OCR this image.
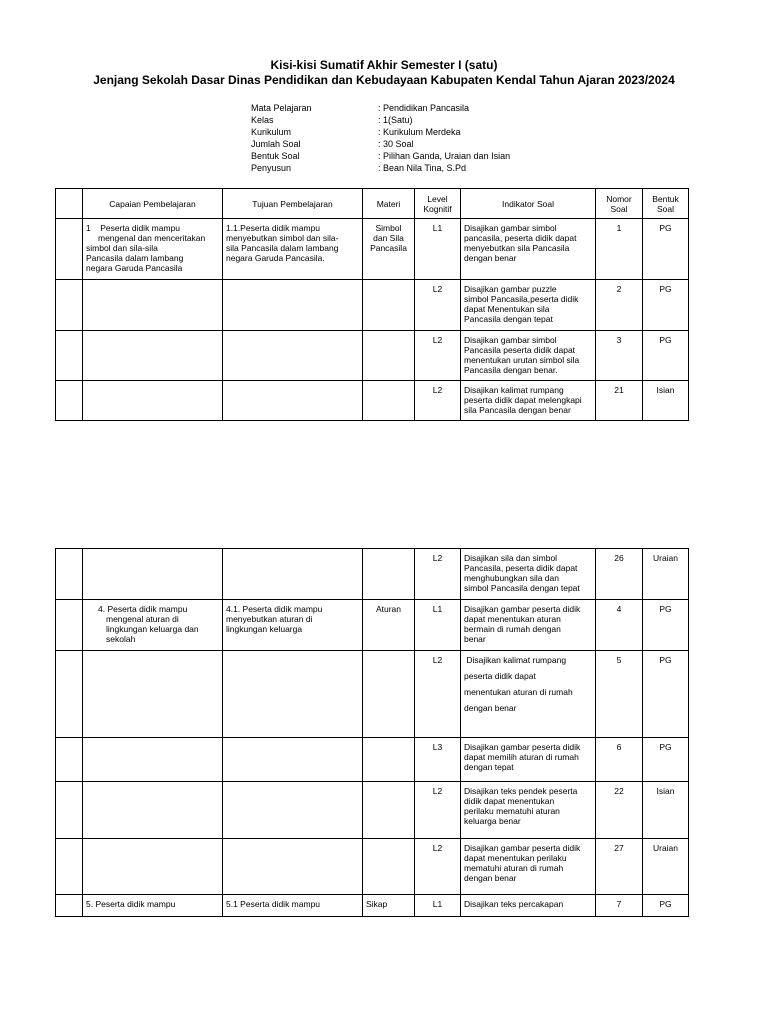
Kisi-kisi Sumatif Akhir Semester I (satu)
Jenjang Sekolah Dasar Dinas Pendidikan dan Kebudayaan Kabupaten Kendal Tahun Ajaran 2023/2024
Mata Pelajaran	: Pendidikan Pancasila
Kelas	: 1(Satu)
Kurikulum	: Kurikulum Merdeka
Jumlah Soal	: 30 Soal
Bentuk Soal	: Pilihan Ganda, Uraian dan Isian
Penyusun	: Bean Nila Tina, S.Pd
	Capaian Pembelajaran	Tujuan Pembelajaran	Materi	Level
Kognitif	Indikator Soal	Nomor
Soal	Bentuk
Soal
	1 Peserta didik mampu
mengenal dan menceritakan
simbol dan sila-sila
Pancasila dalam lambang
negara Garuda Pancasila	1.1.Peserta didik mampu
menyebutkan simbol dan sila-
sila Pancasila dalam lambang
negara Garuda Pancasila.	Simbol
dan Sila
Pancasila	L1	Disajikan gambar simbol
pancasila, peserta didik dapat
menyebutkan sila Pancasila
dengan benar	1	PG
				L2	Disajikan gambar puzzle
simbol Pancasila,peserta didik
dapat Menentukan sila
Pancasila dengan tepat	2	PG
				L2	Disajikan gambar simbol
Pancasila peserta didik dapat
menentukan urutan simbol sila
Pancasila dengan benar.	3	PG
				L2	Disajikan kalimat rumpang
peserta didik dapat melengkapi
sila Pancasila dengan benar	21	Isian
				L2	Disajikan sila dan simbol
Pancasila, peserta didik dapat
menghubungkan sila dan
simbol Pancasila dengan tepat	26	Uraian

	4. Peserta didik mampu
mengenal aturan di
lingkungan keluarga dan
sekolah	4.1. Peserta didik mampu
menyebutkan aturan di
lingkungan keluarga	Aturan	L1	Disajikan gambar peserta didik
dapat menentukan aturan
bermain di rumah dengan
benar	4	PG
				L2	Disajikan kalimat rumpang
peserta didik dapat
menentukan aturan di rumah
dengan benar	5	PG
				L3	Disajikan gambar peserta didik
dapat memilih aturan di rumah
dengan tepat	6	PG
				L2	Disajikan teks pendek peserta
didik dapat menentukan
perilaku mematuhi aturan
keluarga benar	22	Isian
				L2	Disajikan gambar peserta didik
dapat menentukan perilaku
mematuhi aturan di rumah
dengan benar	27	Uraian
	5. Peserta didik mampu	5.1 Peserta didik mampu	Sikap	L1	Disajikan teks percakapan	7	PG
